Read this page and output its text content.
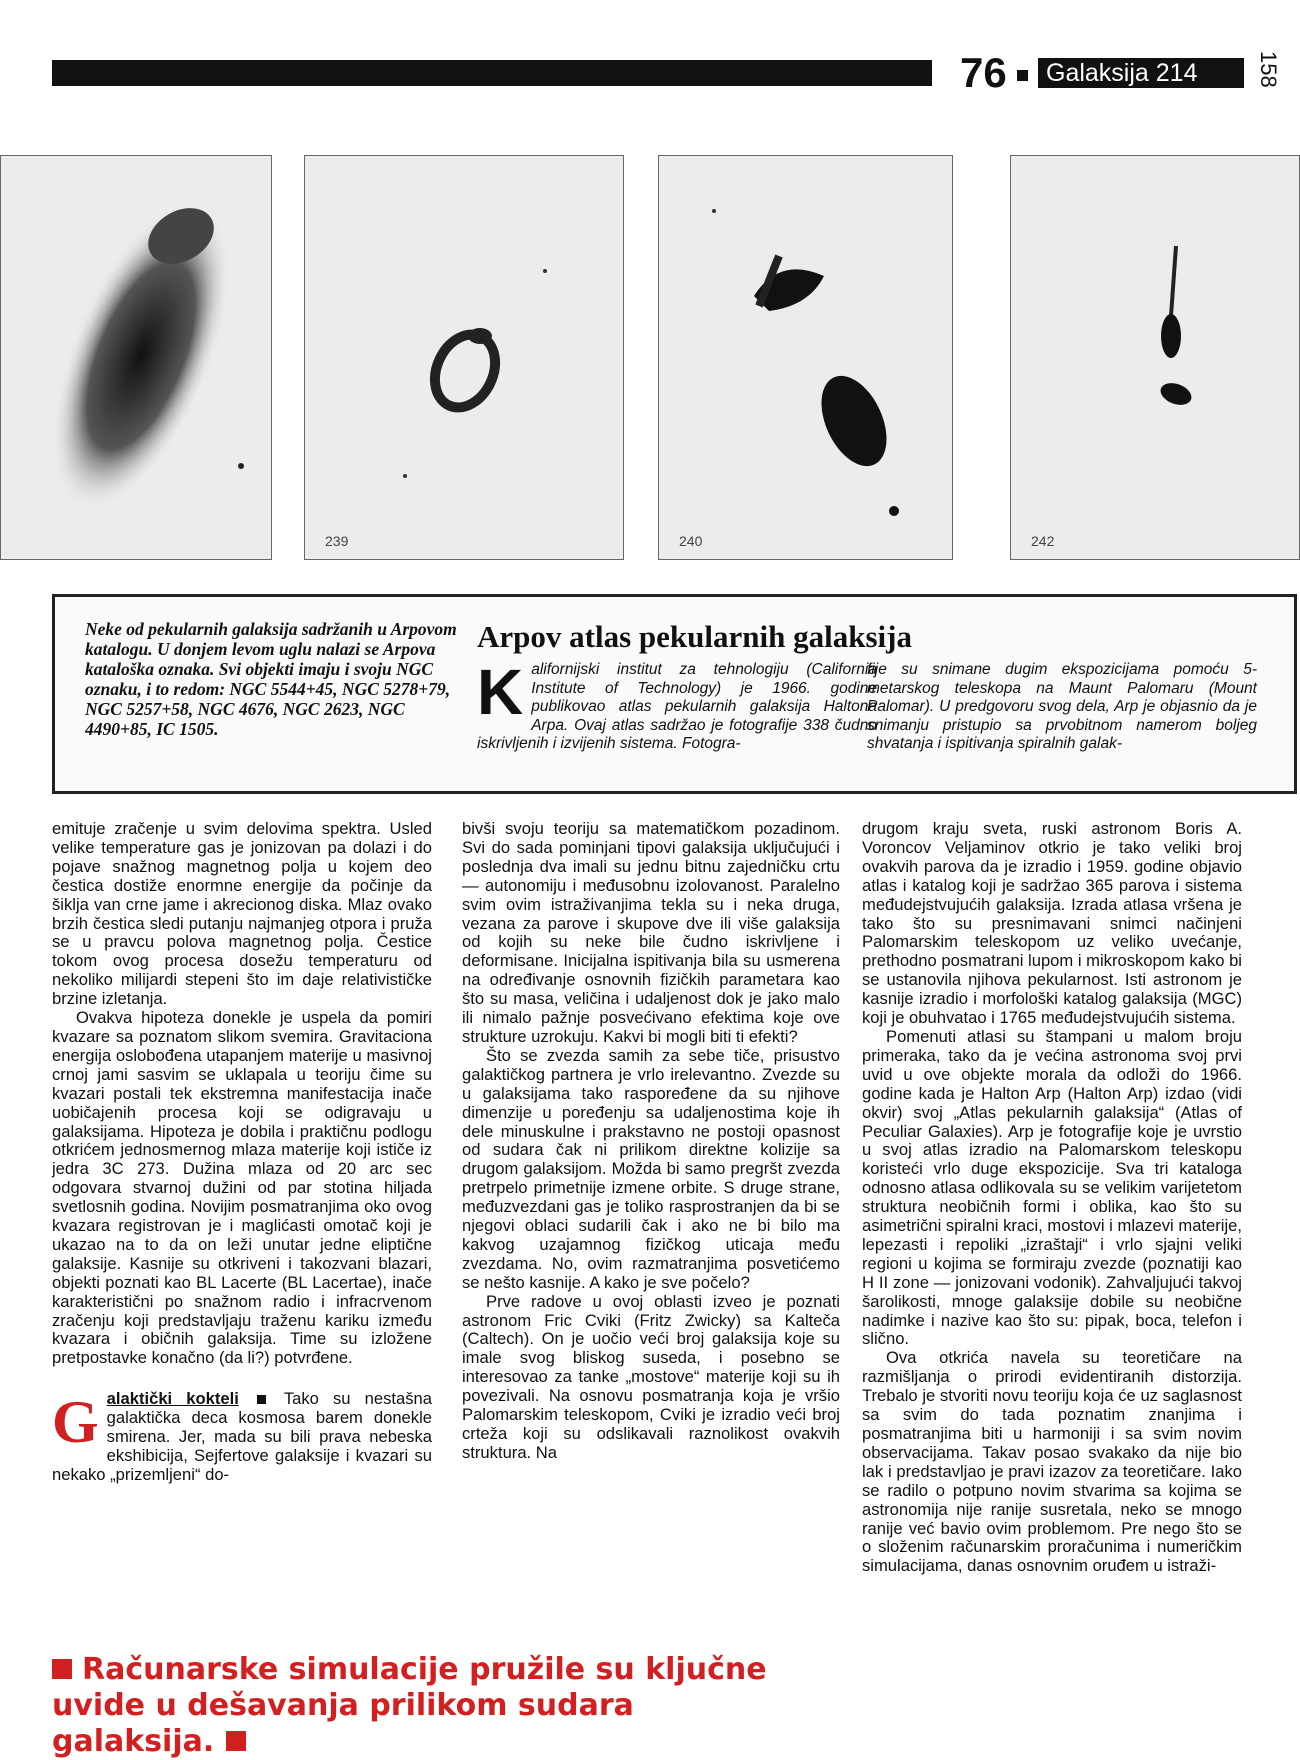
76	Galaksija 214	158
239	240	242
Neke od pekularnih galaksija sadržanih u Arpovom katalogu. U donjem levom uglu nalazi se Arpova kataloška oznaka. Svi objekti imaju i svoju NGC oznaku, i to redom: NGC 5544+45, NGC 5278+79, NGC 5257+58, NGC 4676, NGC 2623, NGC 4490+85, IC 1505.
Arpov atlas pekularnih galaksija
K alifornijski institut za tehnologiju (California Institute of Technology) je 1966. godine publikovao atlas pekularnih galaksija Haltona Arpa. Ovaj atlas sadržao je fotografije 338 čudno iskrivljenih i izvijenih sistema. Fotogra-
fije su snimane dugim ekspozicijama pomoću 5-metarskog teleskopa na Maunt Palomaru (Mount Palomar). U predgovoru svog dela, Arp je objasnio da je snimanju pristupio sa prvobitnom namerom boljeg shvatanja i ispitivanja spiralnih galak-

emituje zračenje u svim delovima spektra. Usled velike temperature gas je jonizovan pa dolazi i do pojave snažnog magnetnog polja u kojem deo čestica dostiže enormne energije da počinje da šiklja van crne jame i akrecionog diska. Mlaz ovako brzih čestica sledi putanju najmanjeg otpora i pruža se u pravcu polova magnetnog polja. Čestice tokom ovog procesa dosežu temperaturu od nekoliko milijardi stepeni što im daje relativističke brzine izletanja.

Ovakva hipoteza donekle je uspela da pomiri kvazare sa poznatom slikom svemira. Gravitaciona energija oslobođena utapanjem materije u masivnoj crnoj jami sasvim se uklapala u teoriju čime su kvazari postali tek ekstremna manifestacija inače uobičajenih procesa koji se odigravaju u galaksijama. Hipoteza je dobila i praktičnu podlogu otkrićem jednosmernog mlaza materije koji ističe iz jedra 3C 273. Dužina mlaza od 20 arc sec odgovara stvarnoj dužini od par stotina hiljada svetlosnih godina. Novijim posmatranjima oko ovog kvazara registrovan je i maglićasti omotač koji je ukazao na to da on leži unutar jedne eliptične galaksije. Kasnije su otkriveni i takozvani blazari, objekti poznati kao BL Lacerte (BL Lacertae), inače karakteristični po snažnom radio i infracrvenom zračenju koji predstavljaju traženu kariku između kvazara i običnih galaksija. Time su izložene pretpostavke konačno (da li?) potvrđene.

G alaktički kokteli	Tako su nestašna galaktička deca kosmosa barem donekle smirena. Jer, mada su bili prava nebeska ekshibicija, Sejfertove galaksije i kvazari su nekako „prizemljeni“ do-

bivši svoju teoriju sa matematičkom pozadinom. Svi do sada pominjani tipovi galaksija uključujući i poslednja dva imali su jednu bitnu zajedničku crtu — autonomiju i međusobnu izolovanost. Paralelno svim ovim istraživanjima tekla su i neka druga, vezana za parove i skupove dve ili više galaksija od kojih su neke bile čudno iskrivljene i deformisane. Inicijalna ispitivanja bila su usmerena na određivanje osnovnih fizičkih parametara kao što su masa, veličina i udaljenost dok je jako malo ili nimalo pažnje posvećivano efektima koje ove strukture uzrokuju. Kakvi bi mogli biti ti efekti?

Što se zvezda samih za sebe tiče, prisustvo galaktičkog partnera je vrlo irelevantno. Zvezde su u galaksijama tako raspoređene da su njihove dimenzije u poređenju sa udaljenostima koje ih dele minuskulne i prakstavno ne postoji opasnost od sudara čak ni prilikom direktne kolizije sa drugom galaksijom. Možda bi samo pregršt zvezda pretrpelo primetnije izmene orbite. S druge strane, međuzvezdani gas je toliko rasprostranjen da bi se njegovi oblaci sudarili čak i ako ne bi bilo ma kakvog uzajamnog fizičkog uticaja među zvezdama. No, ovim razmatranjima posvetićemo se nešto kasnije. A kako je sve počelo?

Prve radove u ovoj oblasti izveo je poznati astronom Fric Cviki (Fritz Zwicky) sa Kalteča (Caltech). On je uočio veći broj galaksija koje su imale svog bliskog suseda, i posebno se interesovao za tanke „mostove“ materije koji su ih povezivali. Na osnovu posmatranja koja je vršio Palomarskim teleskopom, Cviki je izradio veći broj crteža koji su odslikavali raznolikost ovakvih struktura. Na

drugom kraju sveta, ruski astronom Boris A. Voroncov Veljaminov otkrio je tako veliki broj ovakvih parova da je izradio i 1959. godine objavio atlas i katalog koji je sadržao 365 parova i sistema međudejstvujućih galaksija. Izrada atlasa vršena je tako što su presnimavani snimci načinjeni Palomarskim teleskopom uz veliko uvećanje, prethodno posmatrani lupom i mikroskopom kako bi se ustanovila njihova pekularnost. Isti astronom je kasnije izradio i morfološki katalog galaksija (MGC) koji je obuhvatao i 1765 međudejstvujućih sistema.

Pomenuti atlasi su štampani u malom broju primeraka, tako da je većina astronoma svoj prvi uvid u ove objekte morala da odloži do 1966. godine kada je Halton Arp (Halton Arp) izdao (vidi okvir) svoj „Atlas pekularnih galaksija“ (Atlas of Peculiar Galaxies). Arp je fotografije koje je uvrstio u svoj atlas izradio na Palomarskom teleskopu koristeći vrlo duge ekspozicije. Sva tri kataloga odnosno atlasa odlikovala su se velikim varijetetom struktura neobičnih formi i oblika, kao što su asimetrični spiralni kraci, mostovi i mlazevi materije, lepezasti i repoliki „izraštaji“ i vrlo sjajni veliki regioni u kojima se formiraju zvezde (poznatiji kao H II zone — jonizovani vodonik). Zahvaljujući takvoj šarolikosti, mnoge galaksije dobile su neobične nadimke i nazive kao što su: pipak, boca, telefon i slično.

Ova otkrića navela su teoretičare na razmišljanja o prirodi evidentiranih distorzija. Trebalo je stvoriti novu teoriju koja će uz saglasnost sa svim do tada poznatim znanjima i posmatranjima biti u harmoniji i sa svim novim observacijama. Takav posao svakako da nije bio lak i predstavljao je pravi izazov za teoretičare. Iako se radilo o potpuno novim stvarima sa kojima se astronomija nije ranije susretala, neko se mnogo ranije već bavio ovim problemom. Pre nego što se o složenim računarskim proračunima i numeričkim simulacijama, danas osnovnim oruđem u istraži-

Računarske simulacije pružile su ključne uvide u dešavanja prilikom sudara galaksija.
